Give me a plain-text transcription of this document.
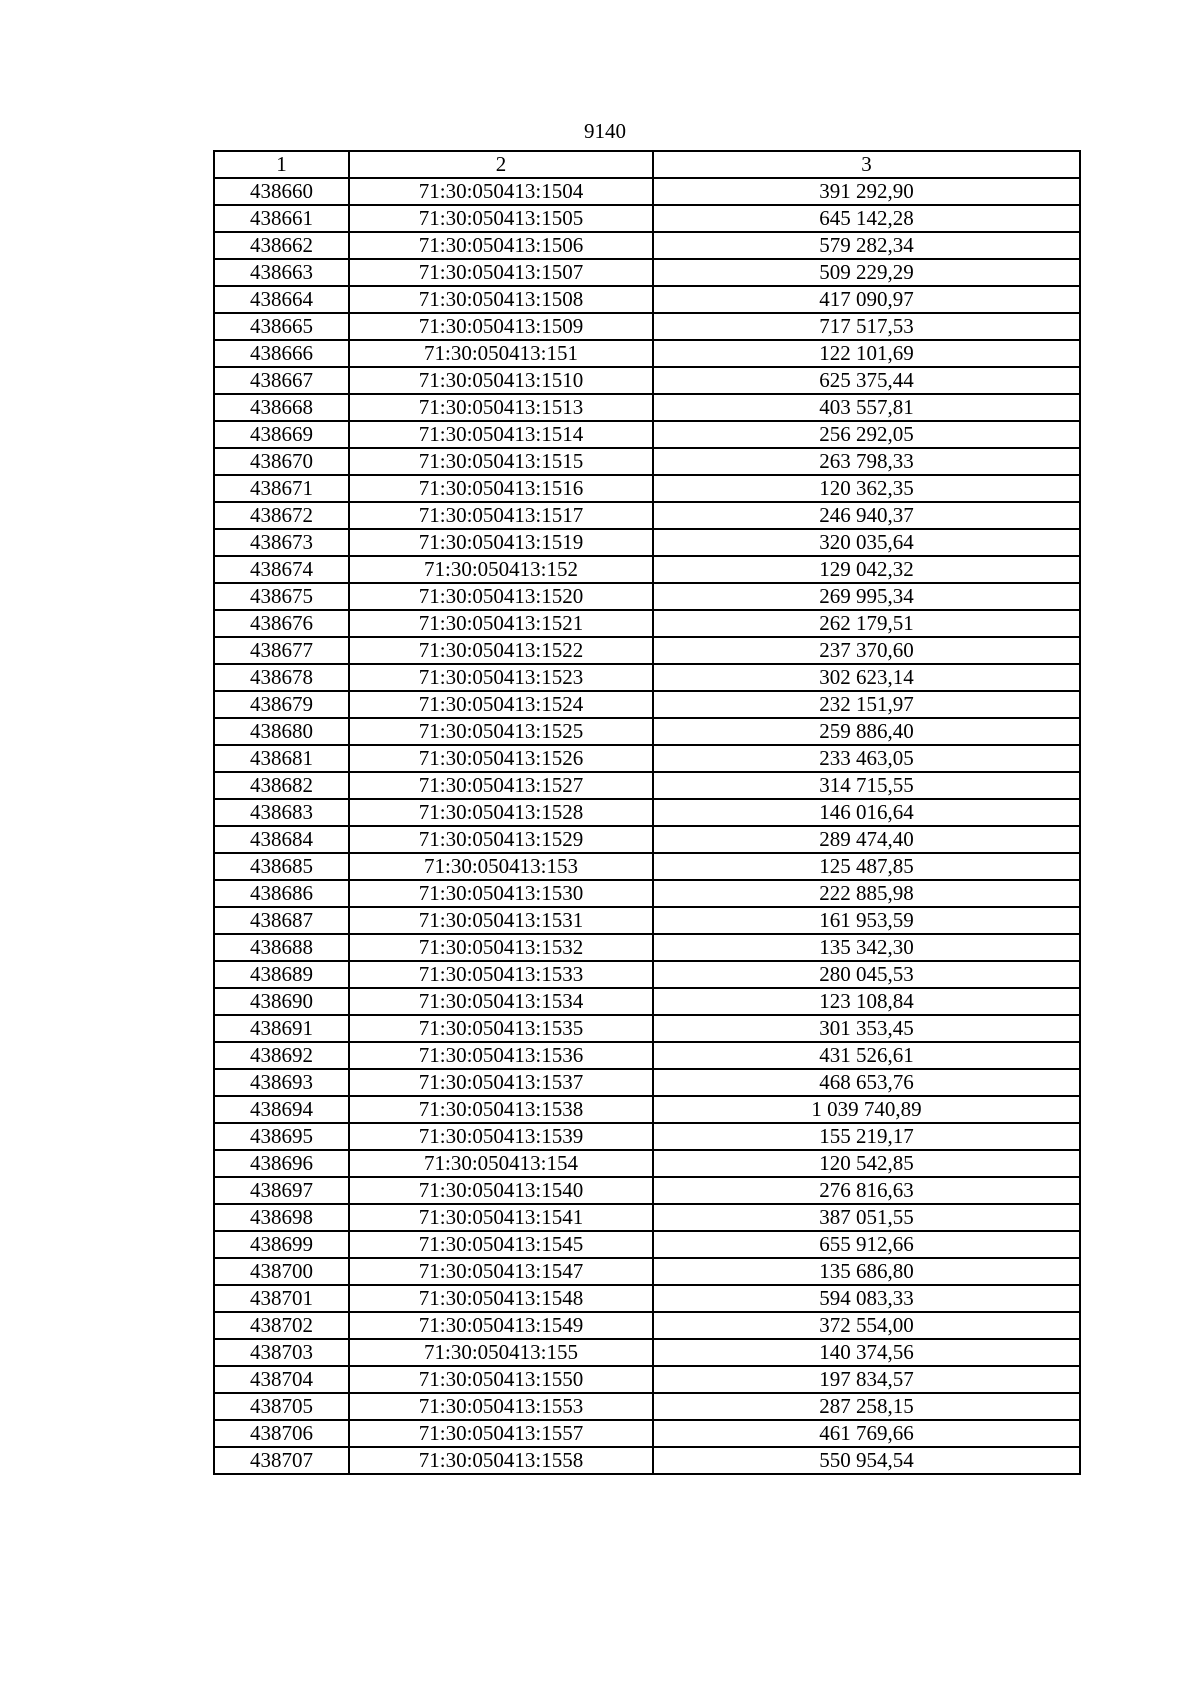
9140
1	2	3
438660	71:30:050413:1504	391 292,90
438661	71:30:050413:1505	645 142,28
438662	71:30:050413:1506	579 282,34
438663	71:30:050413:1507	509 229,29
438664	71:30:050413:1508	417 090,97
438665	71:30:050413:1509	717 517,53
438666	71:30:050413:151	122 101,69
438667	71:30:050413:1510	625 375,44
438668	71:30:050413:1513	403 557,81
438669	71:30:050413:1514	256 292,05
438670	71:30:050413:1515	263 798,33
438671	71:30:050413:1516	120 362,35
438672	71:30:050413:1517	246 940,37
438673	71:30:050413:1519	320 035,64
438674	71:30:050413:152	129 042,32
438675	71:30:050413:1520	269 995,34
438676	71:30:050413:1521	262 179,51
438677	71:30:050413:1522	237 370,60
438678	71:30:050413:1523	302 623,14
438679	71:30:050413:1524	232 151,97
438680	71:30:050413:1525	259 886,40
438681	71:30:050413:1526	233 463,05
438682	71:30:050413:1527	314 715,55
438683	71:30:050413:1528	146 016,64
438684	71:30:050413:1529	289 474,40
438685	71:30:050413:153	125 487,85
438686	71:30:050413:1530	222 885,98
438687	71:30:050413:1531	161 953,59
438688	71:30:050413:1532	135 342,30
438689	71:30:050413:1533	280 045,53
438690	71:30:050413:1534	123 108,84
438691	71:30:050413:1535	301 353,45
438692	71:30:050413:1536	431 526,61
438693	71:30:050413:1537	468 653,76
438694	71:30:050413:1538	1 039 740,89
438695	71:30:050413:1539	155 219,17
438696	71:30:050413:154	120 542,85
438697	71:30:050413:1540	276 816,63
438698	71:30:050413:1541	387 051,55
438699	71:30:050413:1545	655 912,66
438700	71:30:050413:1547	135 686,80
438701	71:30:050413:1548	594 083,33
438702	71:30:050413:1549	372 554,00
438703	71:30:050413:155	140 374,56
438704	71:30:050413:1550	197 834,57
438705	71:30:050413:1553	287 258,15
438706	71:30:050413:1557	461 769,66
438707	71:30:050413:1558	550 954,54
